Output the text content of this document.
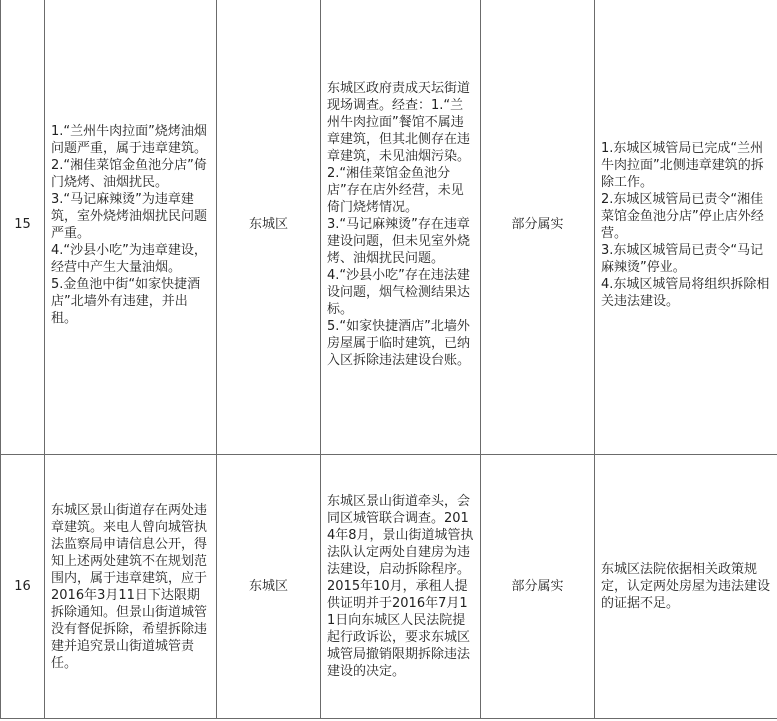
15	1.“兰州牛肉拉面”烧烤油烟问题严重，属于违章建筑。
2.“湘佳菜馆金鱼池分店”倚门烧烤、油烟扰民。
3.“马记麻辣烫”为违章建筑，室外烧烤油烟扰民问题严重。
4.“沙县小吃”为违章建设，经营中产生大量油烟。
5.金鱼池中街“如家快捷酒店”北墙外有违建，并出租。	东城区	东城区政府责成天坛街道现场调查。经查：1.“兰州牛肉拉面”餐馆不属违章建筑，但其北侧存在违章建筑，未见油烟污染。
2.“湘佳菜馆金鱼池分店”存在店外经营，未见倚门烧烤情况。
3.“马记麻辣烫”存在违章建设问题，但未见室外烧烤、油烟扰民问题。
4.“沙县小吃”存在违法建设问题，烟气检测结果达标。
5.“如家快捷酒店”北墙外房屋属于临时建筑，已纳入区拆除违法建设台账。	部分属实	1.东城区城管局已完成“兰州牛肉拉面”北侧违章建筑的拆除工作。
2.东城区城管局已责令“湘佳菜馆金鱼池分店”停止店外经营。
3.东城区城管局已责令“马记麻辣烫”停业。
4.东城区城管局将组织拆除相关违法建设。

16	东城区景山街道存在两处违章建筑。来电人曾向城管执法监察局申请信息公开，得知上述两处建筑不在规划范围内，属于违章建筑，应于2016年3月11日下达限期拆除通知。但景山街道城管没有督促拆除，希望拆除违建并追究景山街道城管责任。	东城区	东城区景山街道牵头，会同区城管联合调查。2014年8月，景山街道城管执法队认定两处自建房为违法建设，启动拆除程序。2015年10月，承租人提供证明并于2016年7月11日向东城区人民法院提起行政诉讼，要求东城区城管局撤销限期拆除违法建设的决定。	部分属实	东城区法院依据相关政策规定，认定两处房屋为违法建设的证据不足。
